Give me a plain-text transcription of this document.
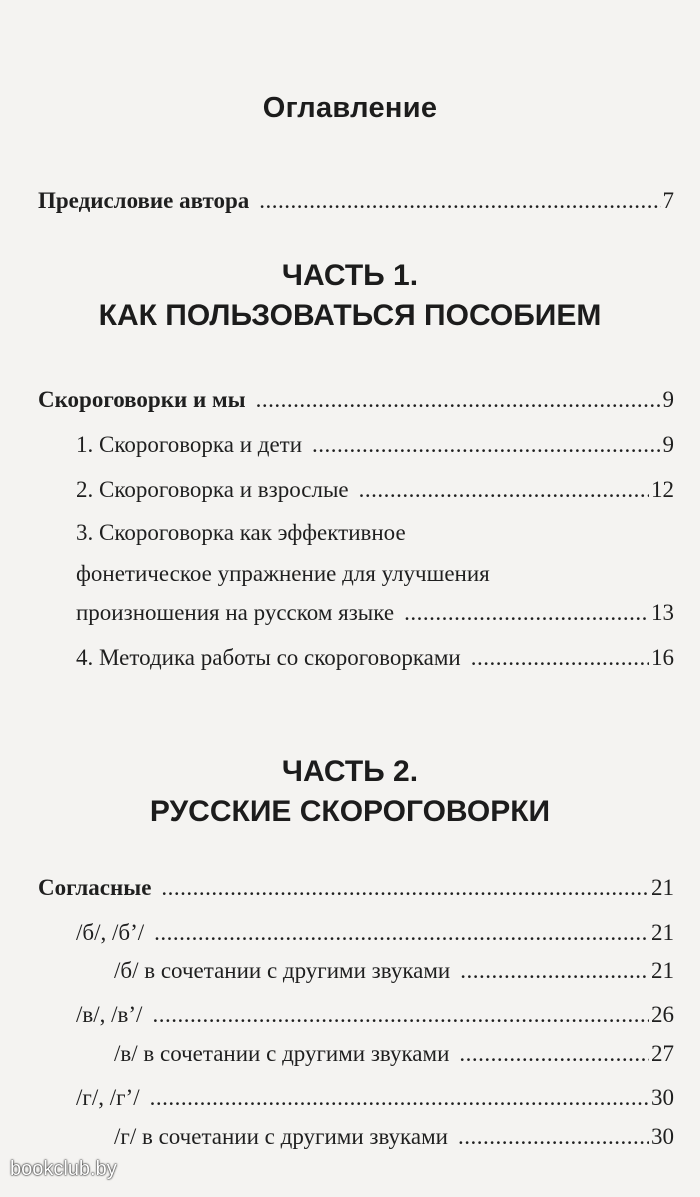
Оглавление
Предисловие автора .....	7
ЧАСТЬ 1.
КАК ПОЛЬЗОВАТЬСЯ ПОСОБИЕМ
Скороговорки и мы .....	9
1. Скороговорка и дети .....	9
2. Скороговорка и взрослые .....	12
3. Скороговорка как эффективное
фонетическое упражнение для улучшения
произношения на русском языке .....	13
4. Методика работы со скороговорками .....	16
ЧАСТЬ 2.
РУССКИЕ СКОРОГОВОРКИ
Согласные .....	21
/б/, /б’/ .....	21
/б/ в сочетании с другими звуками .....	21
/в/, /в’/ .....	26
/в/ в сочетании с другими звуками .....	27
/г/, /г’/ .....	30
/г/ в сочетании с другими звуками .....	30
bookclub.by
